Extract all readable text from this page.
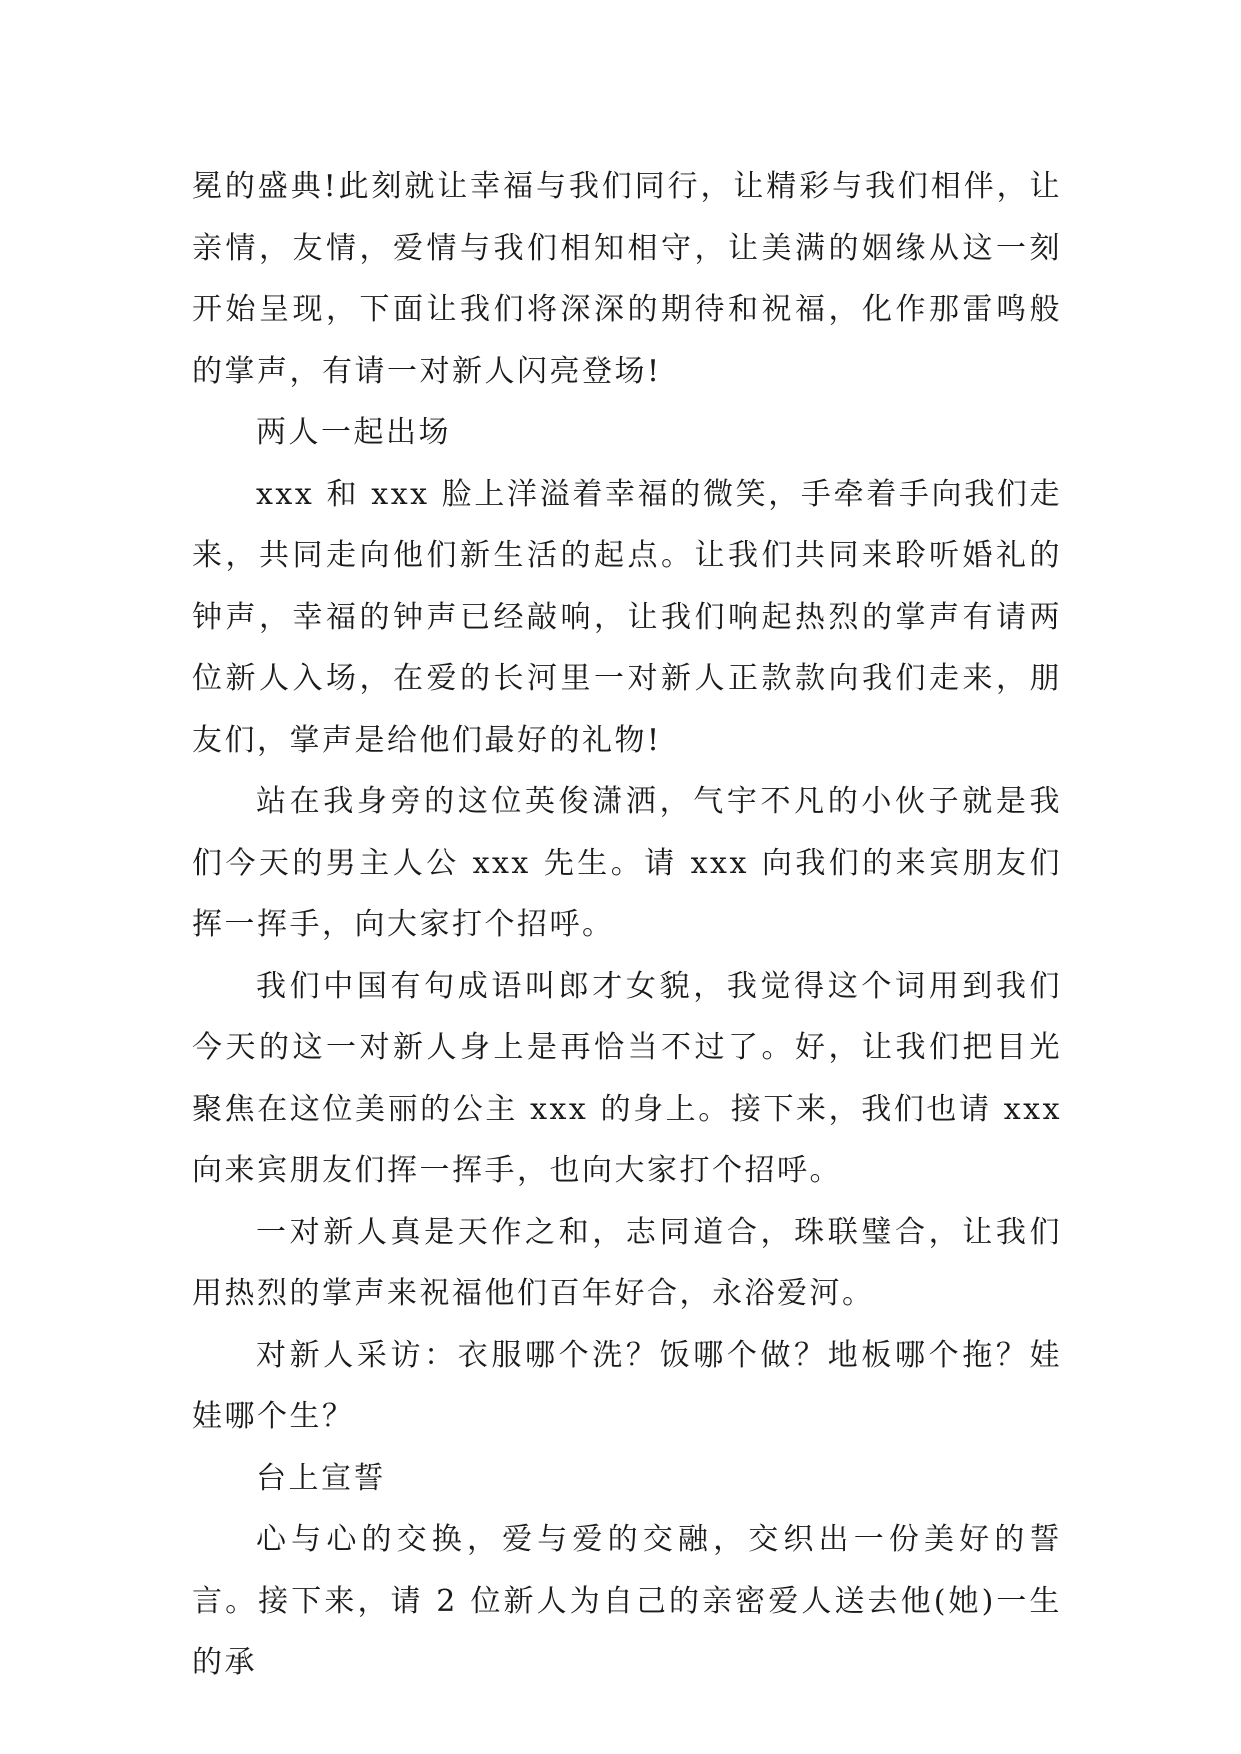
冕的盛典!此刻就让幸福与我们同行，让精彩与我们相伴，让亲情，友情，爱情与我们相知相守，让美满的姻缘从这一刻开始呈现，下面让我们将深深的期待和祝福，化作那雷鸣般的掌声，有请一对新人闪亮登场!

两人一起出场

xxx 和 xxx 脸上洋溢着幸福的微笑，手牵着手向我们走来，共同走向他们新生活的起点。让我们共同来聆听婚礼的钟声，幸福的钟声已经敲响，让我们响起热烈的掌声有请两位新人入场，在爱的长河里一对新人正款款向我们走来，朋友们，掌声是给他们最好的礼物!

站在我身旁的这位英俊潇洒，气宇不凡的小伙子就是我们今天的男主人公 xxx 先生。请 xxx 向我们的来宾朋友们挥一挥手，向大家打个招呼。

我们中国有句成语叫郎才女貌，我觉得这个词用到我们今天的这一对新人身上是再恰当不过了。好，让我们把目光聚焦在这位美丽的公主 xxx 的身上。接下来，我们也请 xxx 向来宾朋友们挥一挥手，也向大家打个招呼。

一对新人真是天作之和，志同道合，珠联璧合，让我们用热烈的掌声来祝福他们百年好合，永浴爱河。

对新人采访：衣服哪个洗？饭哪个做？地板哪个拖？娃娃哪个生？

台上宣誓

心与心的交换，爱与爱的交融，交织出一份美好的誓言。接下来，请 2 位新人为自己的亲密爱人送去他(她)一生的承
